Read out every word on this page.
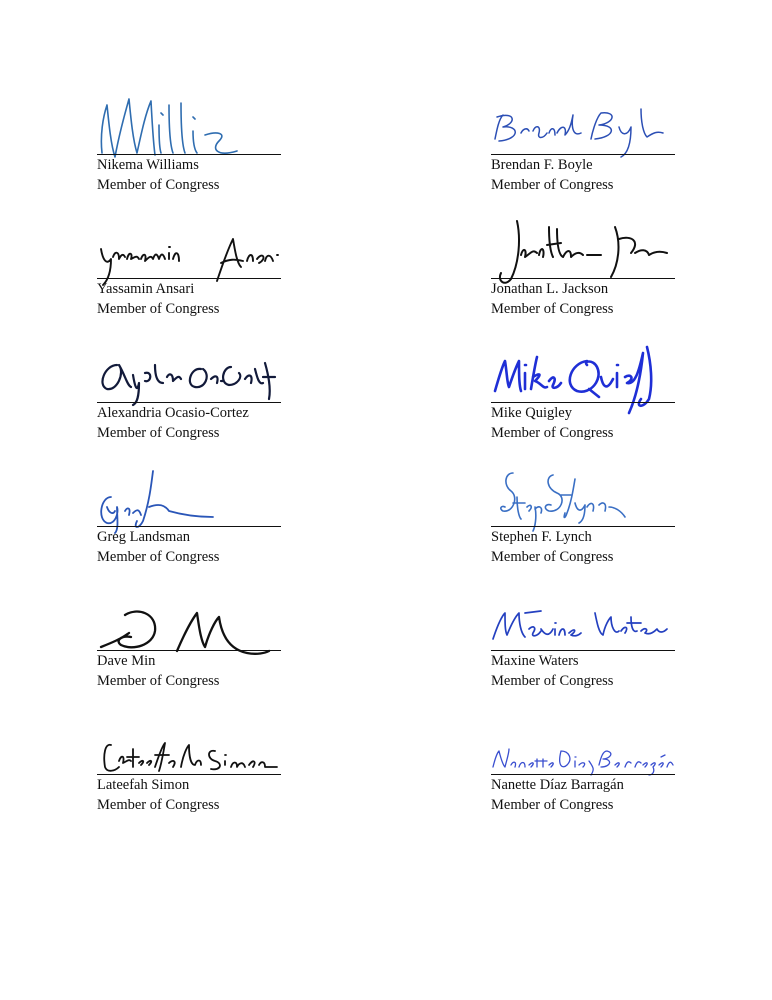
Nikema Williams
Member of Congress
Brendan F. Boyle
Member of Congress
Yassamin Ansari
Member of Congress
Jonathan L. Jackson
Member of Congress
Alexandria Ocasio-Cortez
Member of Congress
Mike Quigley
Member of Congress
Greg Landsman
Member of Congress
Stephen F. Lynch
Member of Congress
Dave Min
Member of Congress
Maxine Waters
Member of Congress
Lateefah Simon
Member of Congress
Nanette Díaz Barragán
Member of Congress
